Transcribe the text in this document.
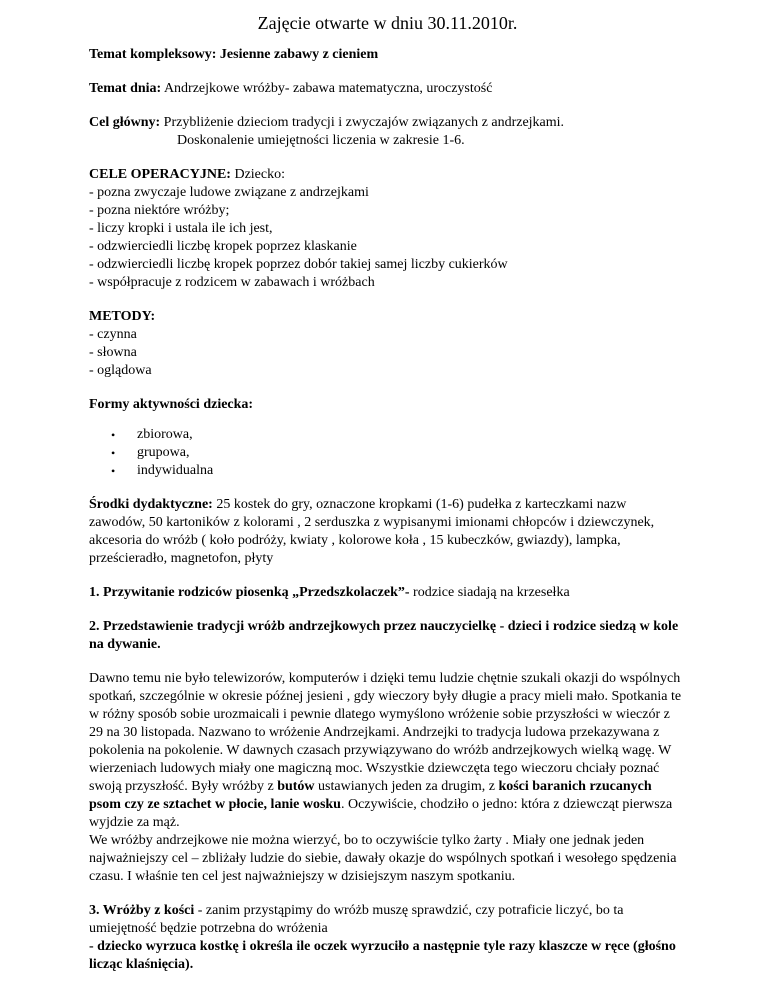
Zajęcie otwarte w dniu 30.11.2010r.

Temat kompleksowy: Jesienne zabawy z cieniem

Temat dnia: Andrzejkowe wróżby- zabawa matematyczna, uroczystość

Cel główny: Przybliżenie dzieciom tradycji i zwyczajów związanych z andrzejkami.

Doskonalenie umiejętności liczenia w zakresie 1-6.

CELE OPERACYJNE: Dziecko:

- pozna zwyczaje ludowe związane z andrzejkami

- pozna niektóre wróżby;

- liczy kropki i ustala ile ich jest,

- odzwierciedli liczbę kropek poprzez klaskanie

- odzwierciedli liczbę kropek poprzez dobór takiej samej liczby cukierków

- współpracuje z rodzicem w zabawach i wróżbach

METODY:

- czynna

- słowna

- oglądowa

Formy aktywności dziecka:

• zbiorowa,
• grupowa,
• indywidualna

Środki dydaktyczne: 25 kostek do gry, oznaczone kropkami (1-6) pudełka z karteczkami nazw zawodów, 50 kartoników z kolorami , 2 serduszka z wypisanymi imionami chłopców i dziewczynek, akcesoria do wróżb ( koło podróży, kwiaty , kolorowe koła , 15 kubeczków, gwiazdy), lampka, prześcieradło, magnetofon, płyty

1. Przywitanie rodziców piosenką „Przedszkolaczek”- rodzice siadają na krzesełka

2. Przedstawienie tradycji wróżb andrzejkowych przez nauczycielkę - dzieci i rodzice siedzą w kole na dywanie.

Dawno temu nie było telewizorów, komputerów i dzięki temu ludzie chętnie szukali okazji do wspólnych spotkań, szczególnie w okresie późnej jesieni , gdy wieczory były długie a pracy mieli mało. Spotkania te w różny sposób sobie urozmaicali i pewnie dlatego wymyślono wróżenie sobie przyszłości w wieczór z 29 na 30 listopada. Nazwano to wróżenie Andrzejkami. Andrzejki to tradycja ludowa przekazywana z pokolenia na pokolenie. W dawnych czasach przywiązywano do wróżb andrzejkowych wielką wagę. W wierzeniach ludowych miały one magiczną moc. Wszystkie dziewczęta tego wieczoru chciały poznać swoją przyszłość. Były wróżby z butów ustawianych jeden za drugim, z kości baranich rzucanych psom czy ze sztachet w płocie, lanie wosku. Oczywiście, chodziło o jedno: która z dziewcząt pierwsza wyjdzie za mąż.

We wróżby andrzejkowe nie można wierzyć, bo to oczywiście tylko żarty . Miały one jednak jeden najważniejszy cel – zbliżały ludzie do siebie, dawały okazje do wspólnych spotkań i wesołego spędzenia czasu. I właśnie ten cel jest najważniejszy w dzisiejszym naszym spotkaniu.

3. Wróżby z kości - zanim przystąpimy do wróżb muszę sprawdzić, czy potraficie liczyć, bo ta umiejętność będzie potrzebna do wróżenia

- dziecko wyrzuca kostkę i określa ile oczek wyrzuciło a następnie tyle razy klaszcze w ręce (głośno licząc klaśnięcia).
